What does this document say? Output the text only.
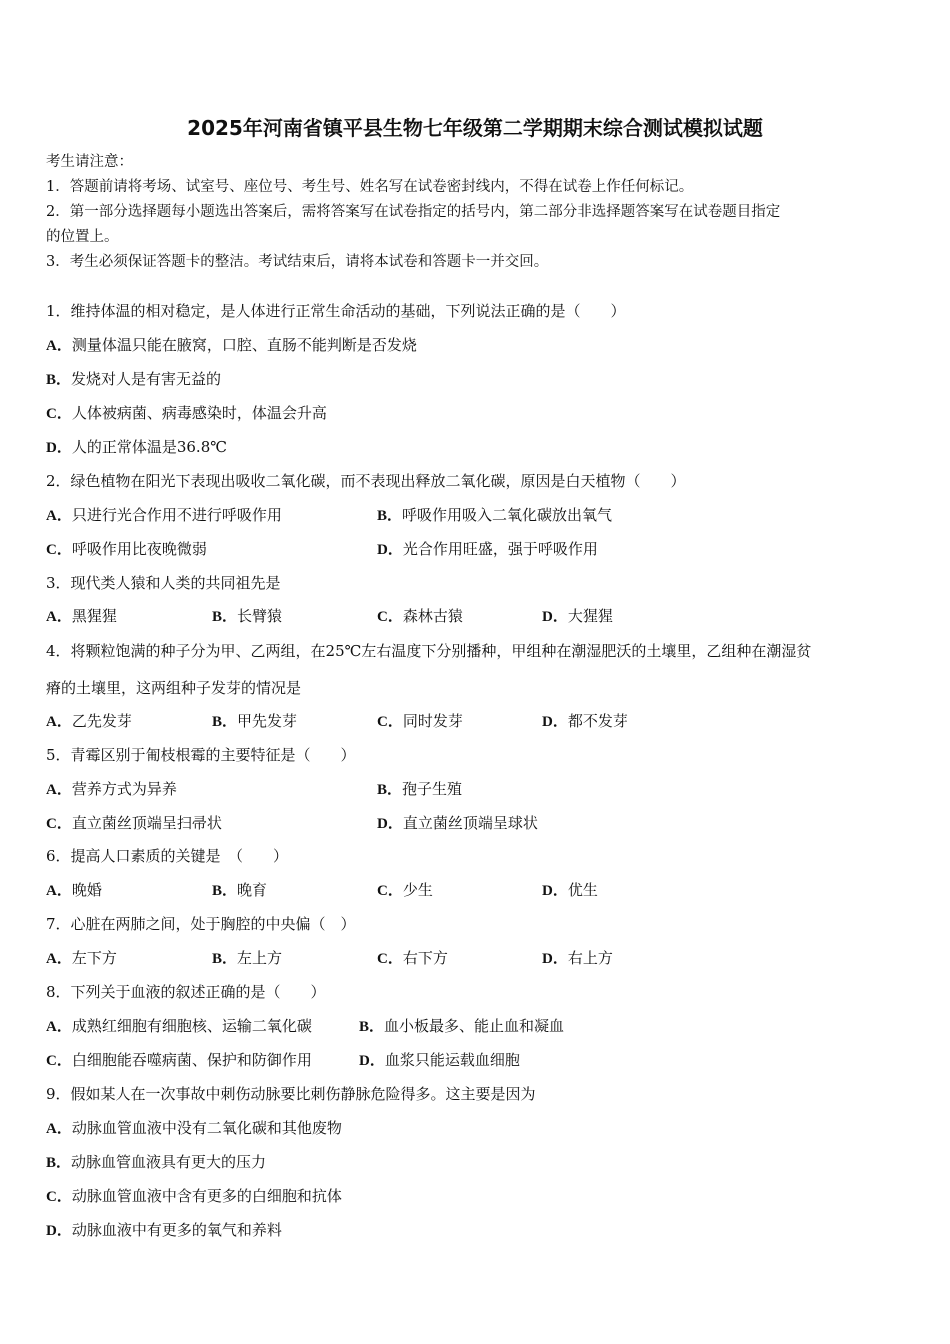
2025年河南省镇平县生物七年级第二学期期末综合测试模拟试题
考生请注意：
1．答题前请将考场、试室号、座位号、考生号、姓名写在试卷密封线内，不得在试卷上作任何标记。
2．第一部分选择题每小题选出答案后，需将答案写在试卷指定的括号内，第二部分非选择题答案写在试卷题目指定
的位置上。
3．考生必须保证答题卡的整洁。考试结束后，请将本试卷和答题卡一并交回。
1．维持体温的相对稳定，是人体进行正常生命活动的基础，下列说法正确的是（　　）
A．测量体温只能在腋窝，口腔、直肠不能判断是否发烧
B．发烧对人是有害无益的
C．人体被病菌、病毒感染时，体温会升高
D．人的正常体温是36.8℃
2．绿色植物在阳光下表现出吸收二氧化碳，而不表现出释放二氧化碳，原因是白天植物（　　）
A．只进行光合作用不进行呼吸作用	B．呼吸作用吸入二氧化碳放出氧气
C．呼吸作用比夜晚微弱	D．光合作用旺盛，强于呼吸作用
3．现代类人猿和人类的共同祖先是
A．黑猩猩	B．长臂猿	C．森林古猿	D．大猩猩
4．将颗粒饱满的种子分为甲、乙两组，在25℃左右温度下分别播种，甲组种在潮湿肥沃的土壤里，乙组种在潮湿贫
瘠的土壤里，这两组种子发芽的情况是
A．乙先发芽	B．甲先发芽	C．同时发芽	D．都不发芽
5．青霉区别于匍枝根霉的主要特征是（　　）
A．营养方式为异养	B．孢子生殖
C．直立菌丝顶端呈扫帚状	D．直立菌丝顶端呈球状
6．提高人口素质的关键是　（　　）
A．晚婚	B．晚育	C．少生	D．优生
7．心脏在两肺之间，处于胸腔的中央偏（　）
A．左下方	B．左上方	C．右下方	D．右上方
8．下列关于血液的叙述正确的是（　　）
A．成熟红细胞有细胞核、运输二氧化碳	B．血小板最多、能止血和凝血
C．白细胞能吞噬病菌、保护和防御作用	D．血浆只能运载血细胞
9．假如某人在一次事故中刺伤动脉要比刺伤静脉危险得多。这主要是因为
A．动脉血管血液中没有二氧化碳和其他废物
B．动脉血管血液具有更大的压力
C．动脉血管血液中含有更多的白细胞和抗体
D．动脉血液中有更多的氧气和养料
